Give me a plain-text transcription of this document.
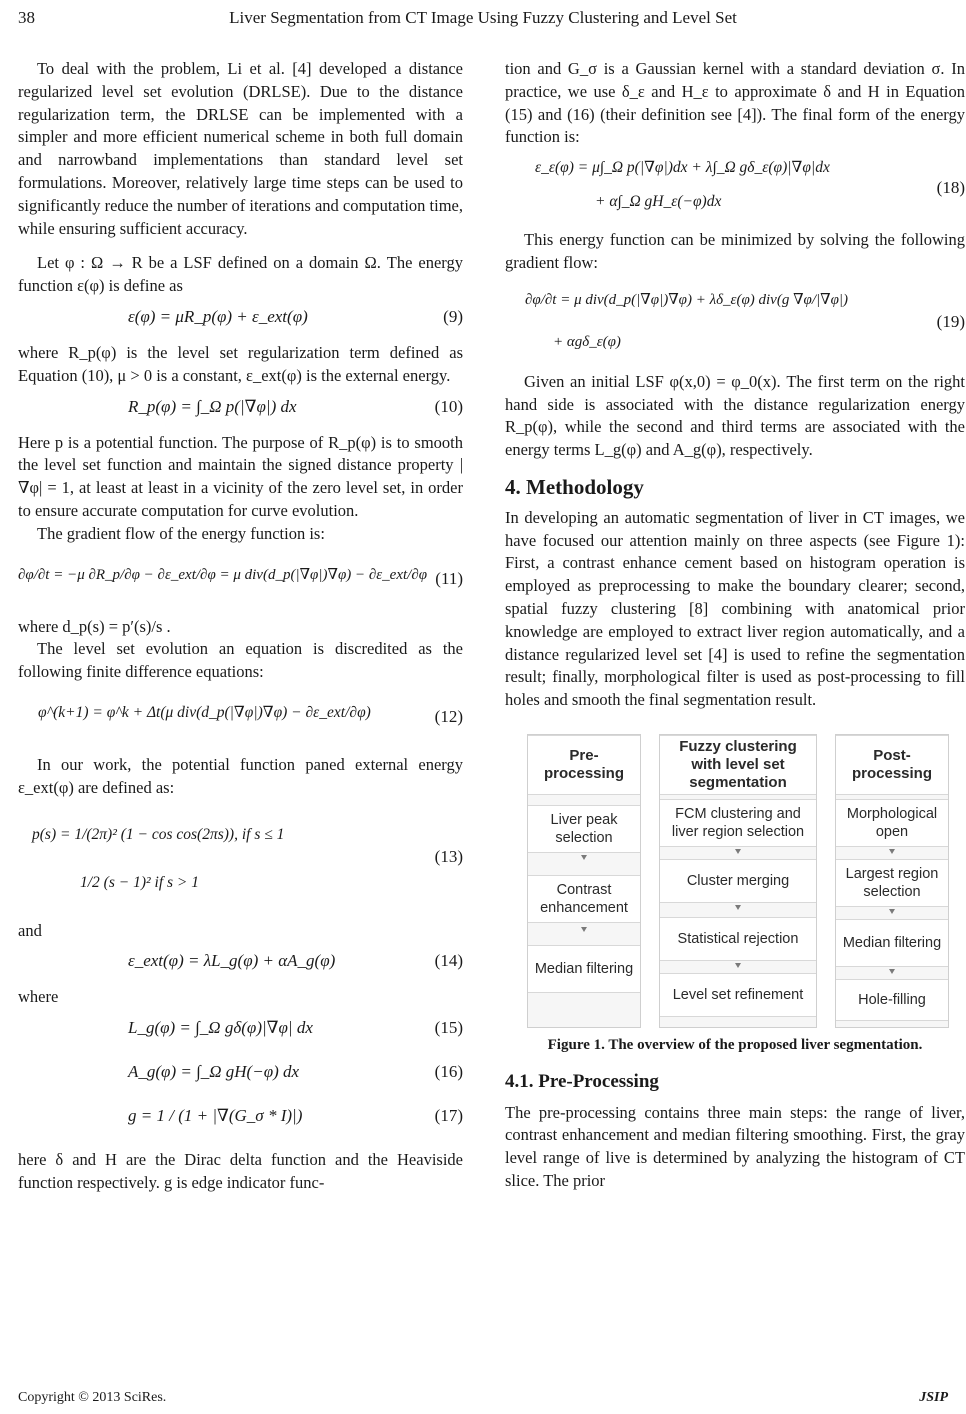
38	Liver Segmentation from CT Image Using Fuzzy Clustering and Level Set

To deal with the problem, Li et al. [4] developed a distance regularized level set evolution (DRLSE). Due to the distance regularization term, the DRLSE can be implemented with a simpler and more efficient numerical scheme in both full domain and narrowband implementations than standard level set formulations. Moreover, relatively large time steps can be used to significantly reduce the number of iterations and computation time, while ensuring sufficient accuracy.

Let φ : Ω → R be a LSF defined on a domain Ω. The energy function ε(φ) is define as

ε(φ) = μR_p(φ) + ε_ext(φ)	(9)

where R_p(φ) is the level set regularization term defined as Equation (10), μ > 0 is a constant, ε_ext(φ) is the external energy.

R_p(φ) = ∫_Ω p(|∇φ|) dx	(10)

Here p is a potential function. The purpose of R_p(φ) is to smooth the level set function and maintain the signed distance property |∇φ| = 1, at least at least in a vicinity of the zero level set, in order to ensure accurate computation for curve evolution.

The gradient flow of the energy function is:

∂φ/∂t = −μ ∂R_p/∂φ − ∂ε_ext/∂φ = μ div(d_p(|∇φ|)∇φ) − ∂ε_ext/∂φ (11)

where d_p(s) = p′(s)/s .

The level set evolution an equation is discredited as the following finite difference equations:

φ^(k+1) = φ^k + Δt(μ div(d_p(|∇φ|)∇φ) − ∂ε_ext/∂φ)	(12)

In our work, the potential function paned external energy ε_ext(φ) are defined as:

p(s) = 1/(2π)² (1 − cos cos(2πs)), if s ≤ 1
1/2 (s − 1)² if s > 1
(13)

and

ε_ext(φ) = λL_g(φ) + αA_g(φ)	(14)

where

L_g(φ) = ∫_Ω gδ(φ)|∇φ| dx	(15)
A_g(φ) = ∫_Ω gH(−φ) dx	(16)
g = 1 / (1 + |∇(G_σ * I)|)	(17)

here δ and H are the Dirac delta function and the Heaviside function respectively. g is edge indicator func-

tion and G_σ is a Gaussian kernel with a standard deviation σ. In practice, we use δ_ε and H_ε to approximate δ and H in Equation (15) and (16) (their definition see [4]). The final form of the energy function is:

ε_ε(φ) = μ∫_Ω p(|∇φ|)dx + λ∫_Ω gδ_ε(φ)|∇φ|dx
+ α∫_Ω gH_ε(−φ)dx
(18)

This energy function can be minimized by solving the following gradient flow:

∂φ/∂t = μ div(d_p(|∇φ|)∇φ) + λδ_ε(φ) div(g ∇φ/|∇φ|)
+ αgδ_ε(φ)
(19)

Given an initial LSF φ(x,0) = φ_0(x). The first term on the right hand side is associated with the distance regularization energy R_p(φ), while the second and third terms are associated with the energy terms L_g(φ) and A_g(φ), respectively.

4. Methodology

In developing an automatic segmentation of liver in CT images, we have focused our attention mainly on three aspects (see Figure 1): First, a contrast enhance cement based on histogram operation is employed as preprocessing to make the boundary clearer; second, spatial fuzzy clustering [8] combining with anatomical prior knowledge are employed to extract liver region automatically, and a distance regularized level set [4] is used to refine the segmentation result; finally, morphological filter is used as post-processing to fill holes and smooth the final segmentation result.

Pre-
processing
Liver peak selection
Contrast enhancement
Median filtering
Fuzzy clustering with level set segmentation
FCM clustering and liver region selection
Cluster merging
Statistical rejection
Level set refinement
Post-
processing
Morphological open
Largest region selection
Median filtering
Hole-filling
Figure 1. The overview of the proposed liver segmentation.
4.1. Pre-Processing

The pre-processing contains three main steps: the range of liver, contrast enhancement and median filtering smoothing. First, the gray level range of live is determined by analyzing the histogram of CT slice. The prior

Copyright © 2013 SciRes.	JSIP
